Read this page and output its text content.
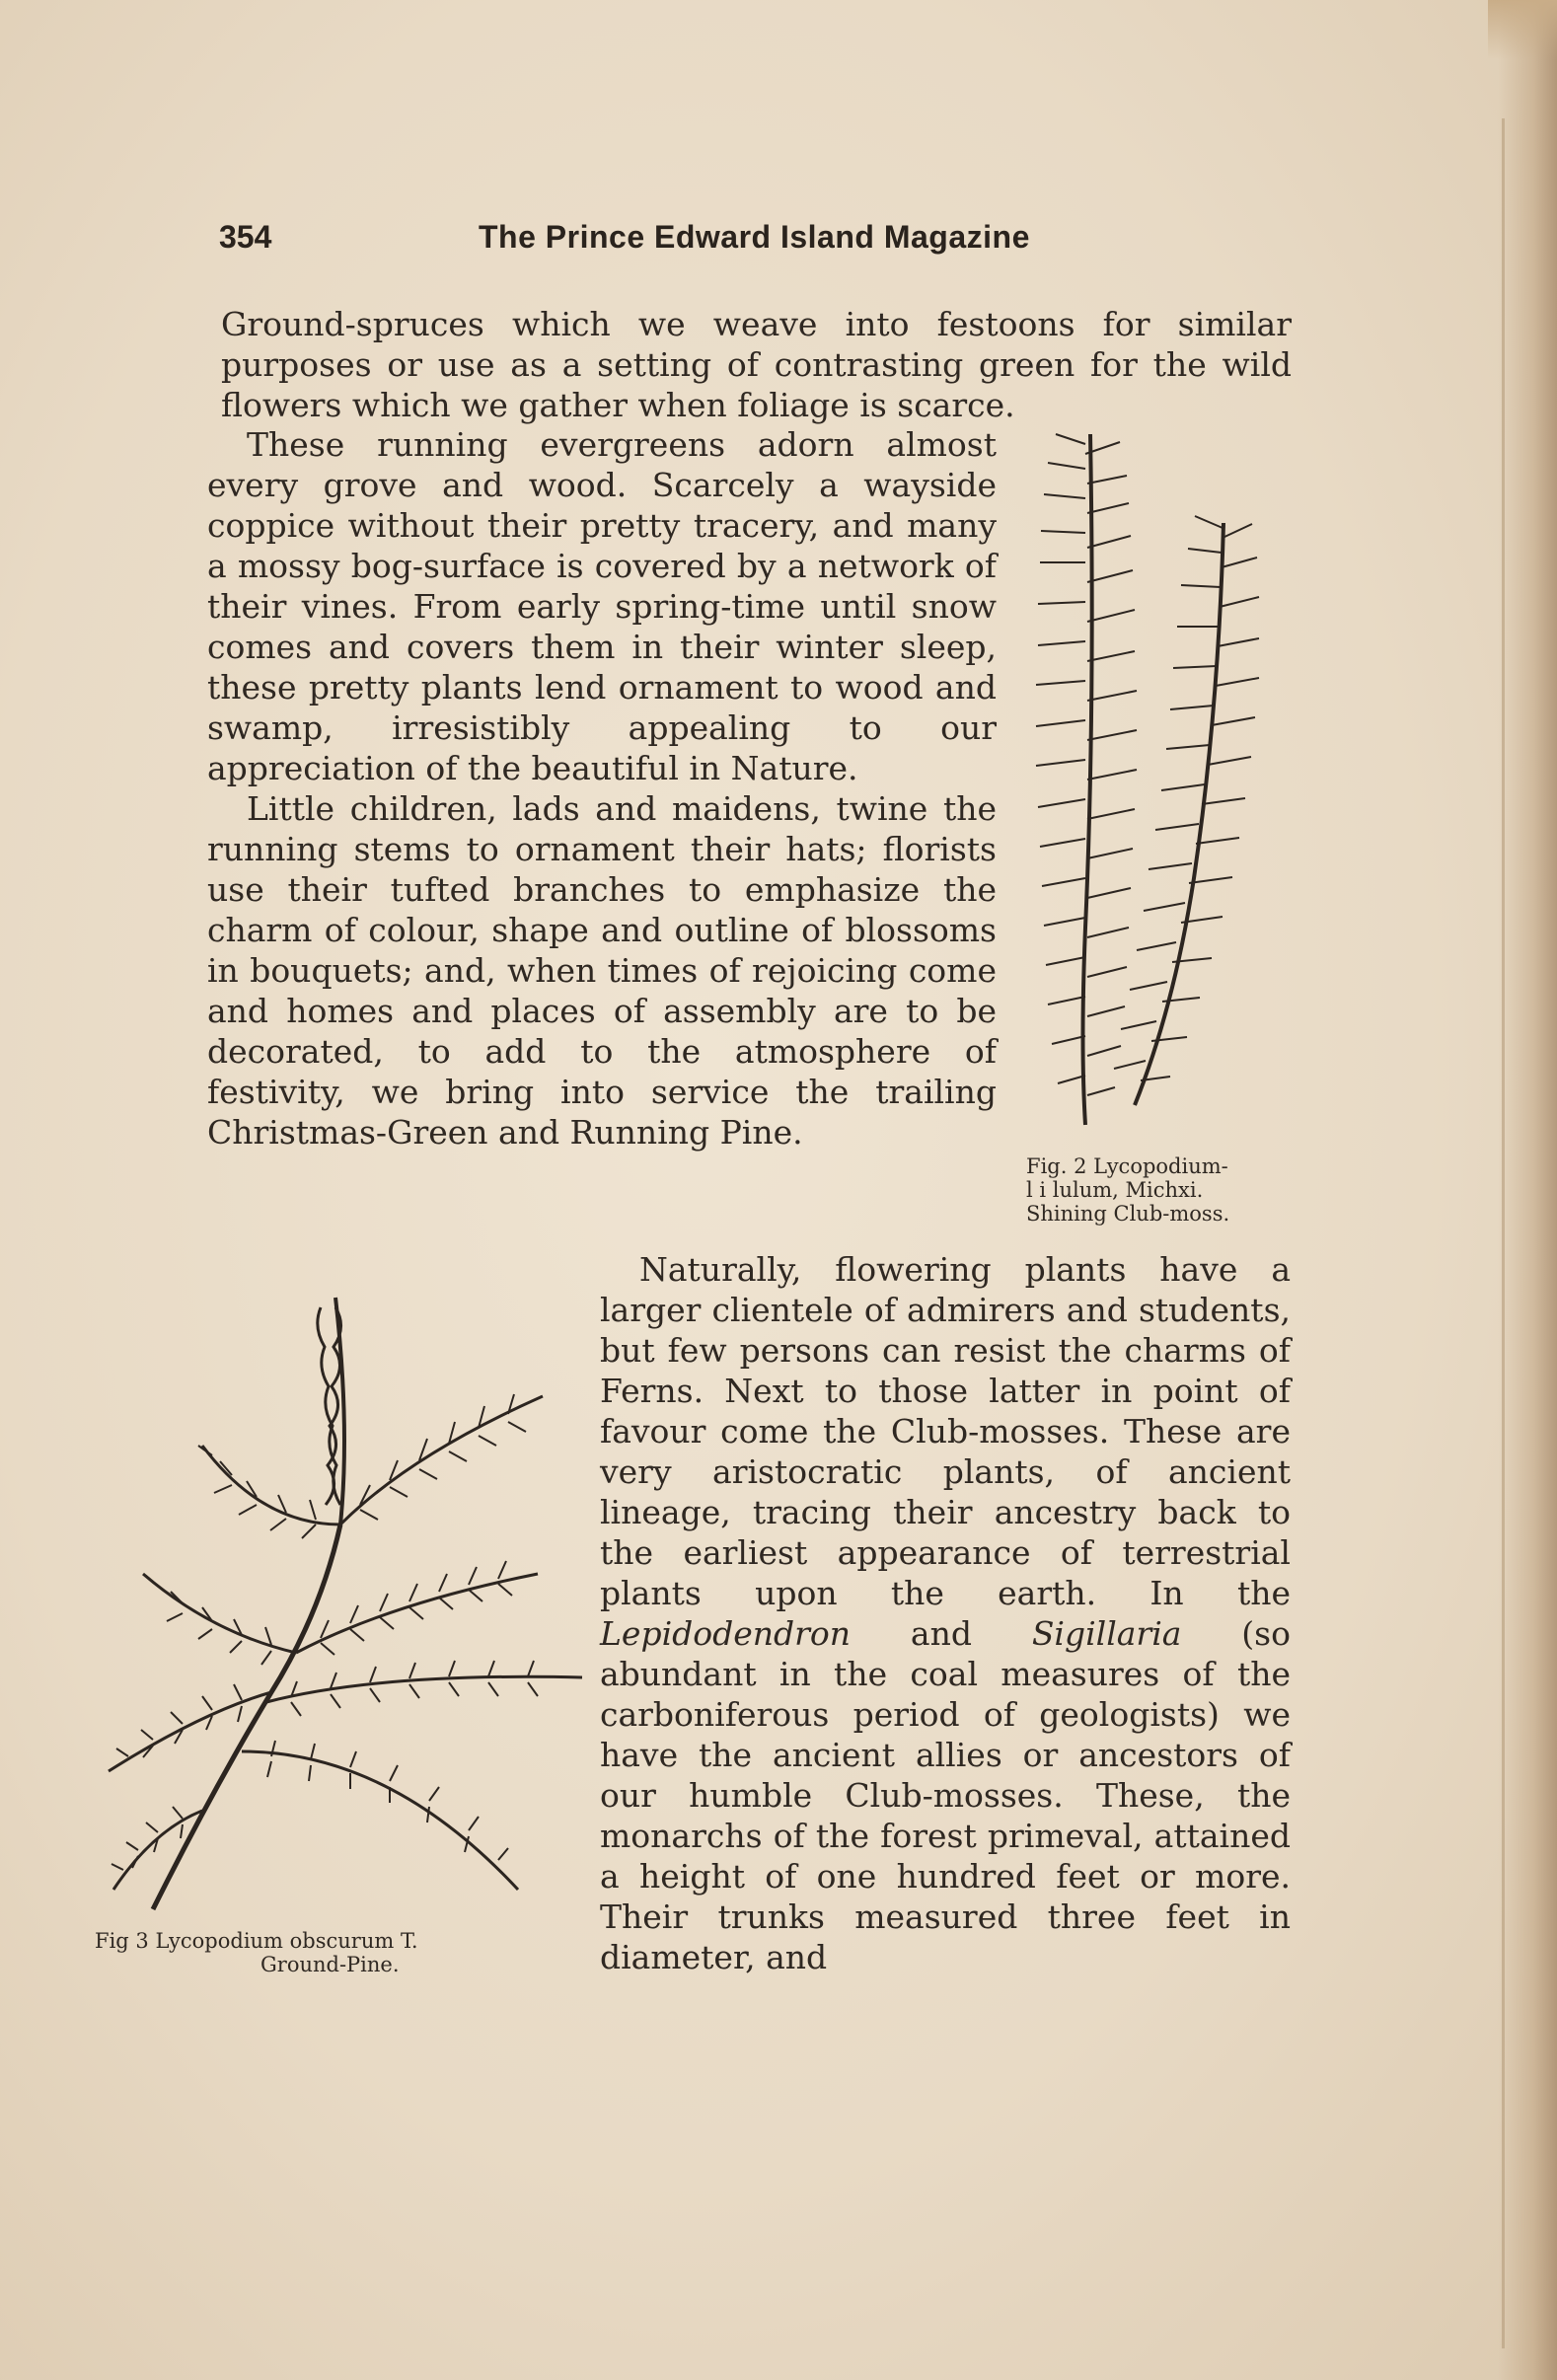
354	The Prince Edward Island Magazine

Ground-spruces which we weave into festoons for similar purposes or use as a setting of contrasting green for the wild flowers which we gather when foliage is scarce.

These running evergreens adorn almost every grove and wood. Scarcely a wayside coppice without their pretty tracery, and many a mossy bog-surface is covered by a network of their vines. From early spring-time until snow comes and covers them in their winter sleep, these pretty plants lend ornament to wood and swamp, irresistibly appealing to our appreciation of the beautiful in Nature.

Little children, lads and maidens, twine the running stems to ornament their hats; florists use their tufted branches to emphasize the charm of colour, shape and outline of blossoms in bouquets; and, when times of rejoicing come and homes and places of assembly are to be decorated, to add to the atmosphere of festivity, we bring into service the trailing Christmas-Green and Running Pine.

Fig. 2 Lycopodium-
l i lulum, Michxi.
Shining Club-moss.
Fig 3 Lycopodium obscurum T.
Ground-Pine.

Naturally, flowering plants have a larger clientele of admirers and students, but few persons can resist the charms of Ferns. Next to those latter in point of favour come the Club-mosses. These are very aristocratic plants, of ancient lineage, tracing their ancestry back to the earliest appearance of terrestrial plants upon the earth. In the Lepidodendron and Sigillaria (so abundant in the coal measures of the carboniferous period of geologists) we have the ancient allies or ancestors of our humble Club-mosses. These, the monarchs of the forest primeval, attained a height of one hundred feet or more. Their trunks measured three feet in diameter, and
